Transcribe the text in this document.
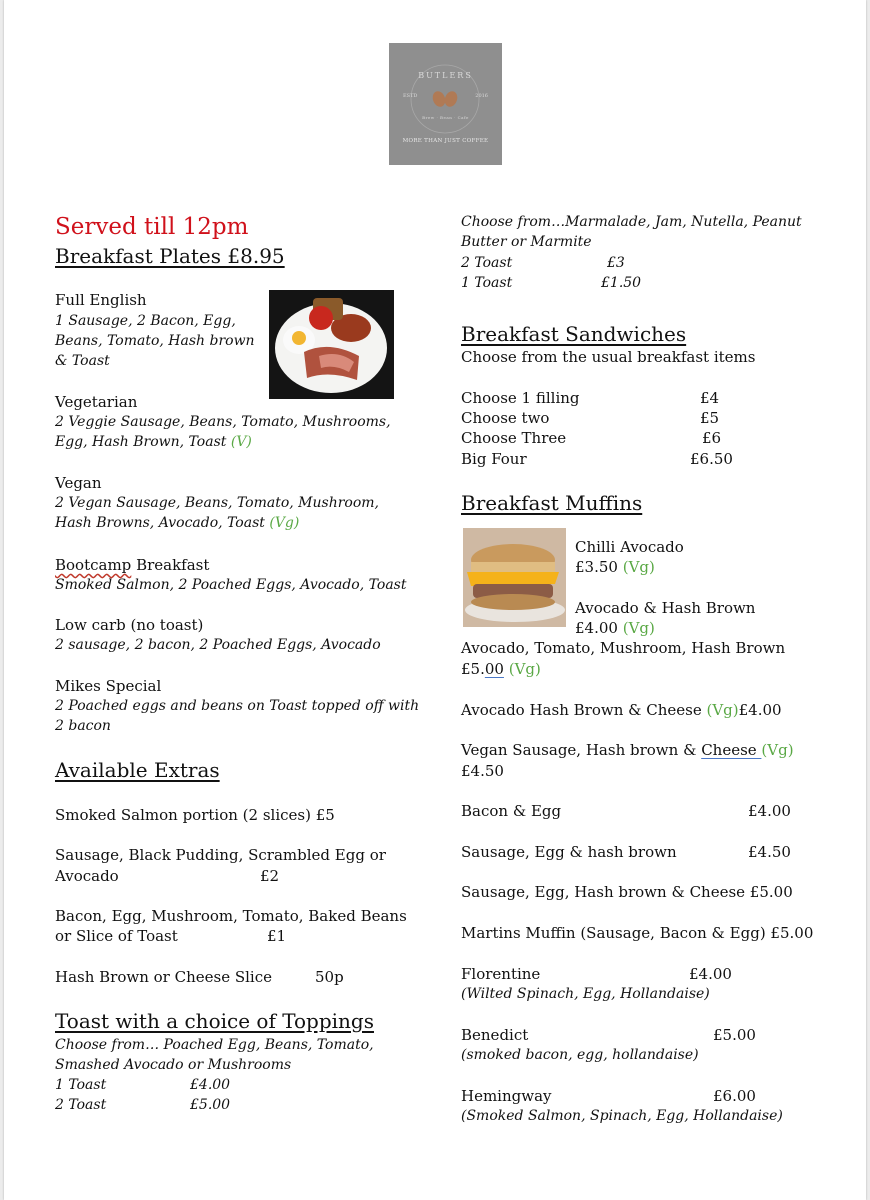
BUTLERS
ESTD	2016
Brew · Bean · Cafe
MORE THAN JUST COFFEE
Served till 12pm
Breakfast Plates £8.95
Full English
1 Sausage, 2 Bacon, Egg,
Beans, Tomato, Hash brown
& Toast
Vegetarian
2 Veggie Sausage, Beans, Tomato, Mushrooms,
Egg, Hash Brown, Toast (V)
Vegan
2 Vegan Sausage, Beans, Tomato, Mushroom,
Hash Browns, Avocado, Toast (Vg)
Bootcamp Breakfast
Smoked Salmon, 2 Poached Eggs, Avocado, Toast
Low carb (no toast)
2 sausage, 2 bacon, 2 Poached Eggs, Avocado
Mikes Special
2 Poached eggs and beans on Toast topped off with
2 bacon
Available Extras
Smoked Salmon portion (2 slices) £5
Sausage, Black Pudding, Scrambled Egg or
Avocado	£2
Bacon, Egg, Mushroom, Tomato, Baked Beans
or Slice of Toast	£1
Hash Brown or Cheese Slice	50p
Toast with a choice of Toppings
Choose from… Poached Egg, Beans, Tomato,
Smashed Avocado or Mushrooms
1 Toast	£4.00
2 Toast	£5.00
Choose from…Marmalade, Jam, Nutella, Peanut
Butter or Marmite
2 Toast	£3
1 Toast	£1.50
Breakfast Sandwiches
Choose from the usual breakfast items
Choose 1 filling	£4
Choose two	£5
Choose Three	£6
Big Four	£6.50
Breakfast Muffins
Chilli Avocado
£3.50 (Vg)
Avocado & Hash Brown
£4.00 (Vg)
Avocado, Tomato, Mushroom, Hash Brown
£5.00 (Vg)
Avocado Hash Brown & Cheese (Vg)£4.00
Vegan Sausage, Hash brown & Cheese (Vg)
£4.50
Bacon & Egg	£4.00
Sausage, Egg & hash brown	£4.50
Sausage, Egg, Hash brown & Cheese £5.00
Martins Muffin (Sausage, Bacon & Egg) £5.00
Florentine	£4.00
(Wilted Spinach, Egg, Hollandaise)
Benedict	£5.00
(smoked bacon, egg, hollandaise)
Hemingway	£6.00
(Smoked Salmon, Spinach, Egg, Hollandaise)
